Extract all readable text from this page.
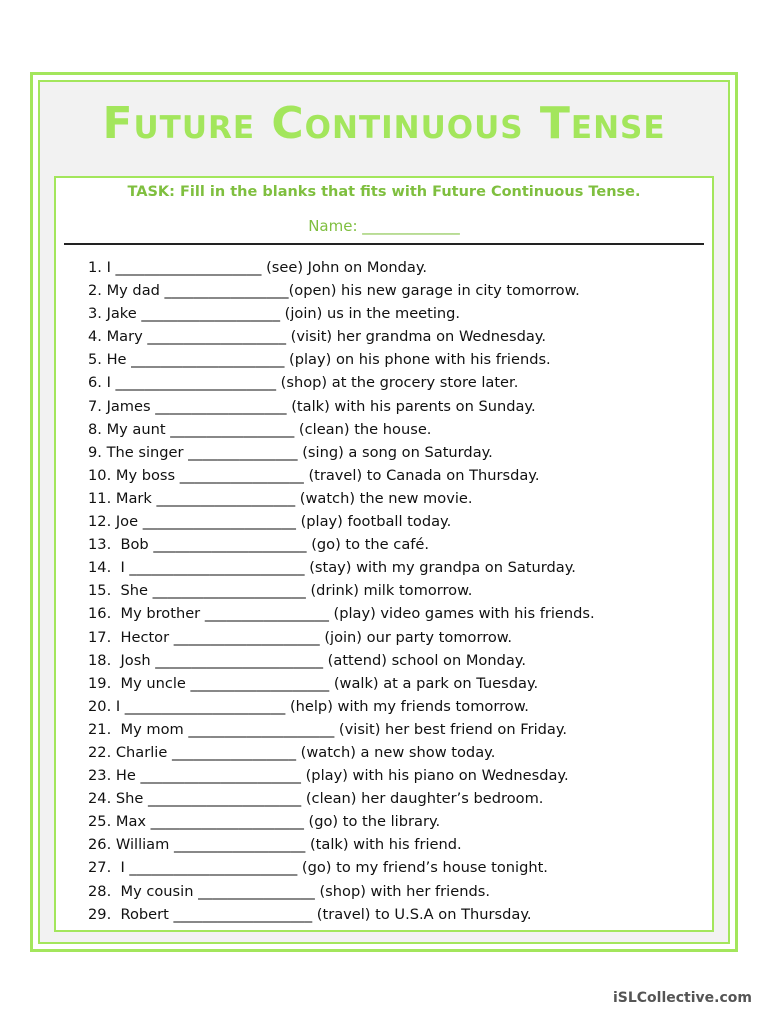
Future Continuous Tense

TASK: Fill in the blanks that fits with Future Continuous Tense.

Name: _____________

1. I ____________________ (see) John on Monday.
2. My dad _________________(open) his new garage in city tomorrow.
3. Jake ___________________ (join) us in the meeting.
4. Mary ___________________ (visit) her grandma on Wednesday.
5. He _____________________ (play) on his phone with his friends.
6. I ______________________ (shop) at the grocery store later.
7. James __________________ (talk) with his parents on Sunday.
8. My aunt _________________ (clean) the house.
9. The singer _______________ (sing) a song on Saturday.
10. My boss _________________ (travel) to Canada on Thursday.
11. Mark ___________________ (watch) the new movie.
12. Joe _____________________ (play) football today.
13.  Bob _____________________ (go) to the café.
14.  I ________________________ (stay) with my grandpa on Saturday.
15.  She _____________________ (drink) milk tomorrow.
16.  My brother _________________ (play) video games with his friends.
17.  Hector ____________________ (join) our party tomorrow.
18.  Josh _______________________ (attend) school on Monday.
19.  My uncle ___________________ (walk) at a park on Tuesday.
20. I ______________________ (help) with my friends tomorrow.
21.  My mom ____________________ (visit) her best friend on Friday.
22. Charlie _________________ (watch) a new show today.
23. He ______________________ (play) with his piano on Wednesday.
24. She _____________________ (clean) her daughter’s bedroom.
25. Max _____________________ (go) to the library.
26. William __________________ (talk) with his friend.
27.  I _______________________ (go) to my friend’s house tonight.
28.  My cousin ________________ (shop) with her friends.
29.  Robert ___________________ (travel) to U.S.A on Thursday.
iSLCollective.com
